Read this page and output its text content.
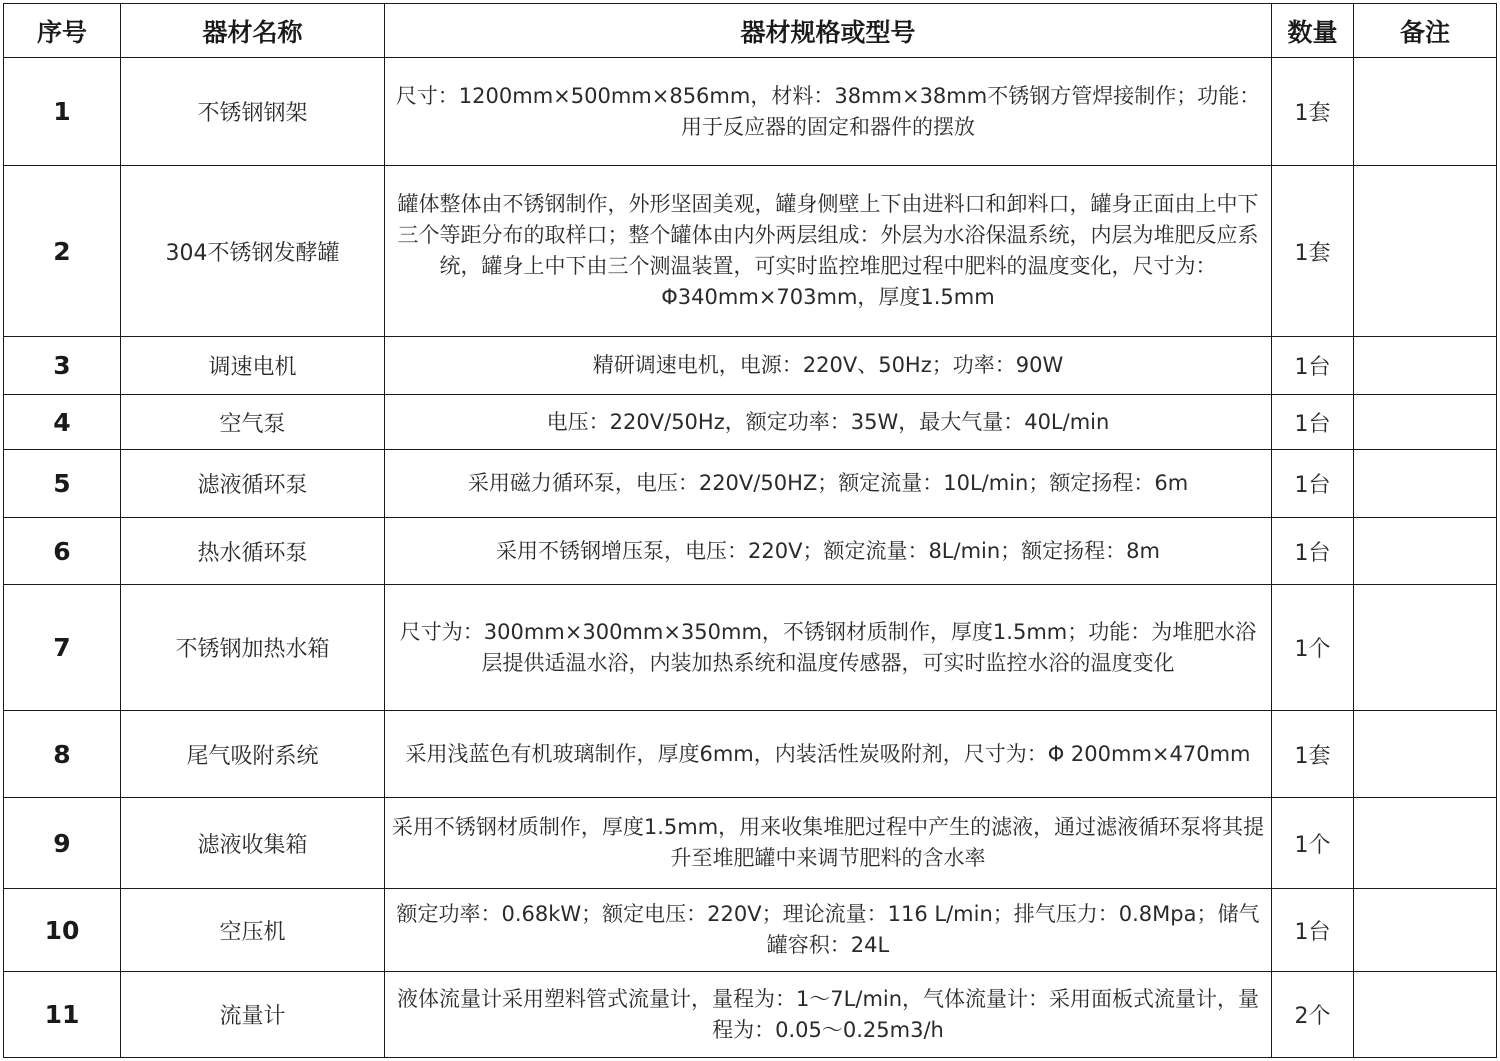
序号	器材名称	器材规格或型号	数量	备注
1	不锈钢钢架	尺寸：1200mm×500mm×856mm，材料：38mm×38mm不锈钢方管焊接制作；功能：用于反应器的固定和器件的摆放	1套	
2	304不锈钢发酵罐	罐体整体由不锈钢制作，外形坚固美观，罐身侧壁上下由进料口和卸料口，罐身正面由上中下三个等距分布的取样口；整个罐体由内外两层组成：外层为水浴保温系统，内层为堆肥反应系统，罐身上中下由三个测温装置，可实时监控堆肥过程中肥料的温度变化，尺寸为：Φ340mm×703mm，厚度1.5mm	1套	
3	调速电机	精研调速电机，电源：220V、50Hz；功率：90W	1台	
4	空气泵	电压：220V/50Hz，额定功率：35W，最大气量：40L/min	1台	
5	滤液循环泵	采用磁力循环泵，电压：220V/50HZ；额定流量：10L/min；额定扬程：6m	1台	
6	热水循环泵	采用不锈钢增压泵，电压：220V；额定流量：8L/min；额定扬程：8m	1台	
7	不锈钢加热水箱	尺寸为：300mm×300mm×350mm，不锈钢材质制作，厚度1.5mm；功能：为堆肥水浴层提供适温水浴，内装加热系统和温度传感器，可实时监控水浴的温度变化	1个	
8	尾气吸附系统	采用浅蓝色有机玻璃制作，厚度6mm，内装活性炭吸附剂，尺寸为：Φ 200mm×470mm	1套	
9	滤液收集箱	采用不锈钢材质制作，厚度1.5mm，用来收集堆肥过程中产生的滤液，通过滤液循环泵将其提升至堆肥罐中来调节肥料的含水率	1个	
10	空压机	额定功率：0.68kW；额定电压：220V；理论流量：116 L/min；排气压力：0.8Mpa；储气罐容积：24L	1台	
11	流量计	液体流量计采用塑料管式流量计，量程为：1～7L/min，气体流量计：采用面板式流量计，量程为：0.05～0.25m3/h	2个	
